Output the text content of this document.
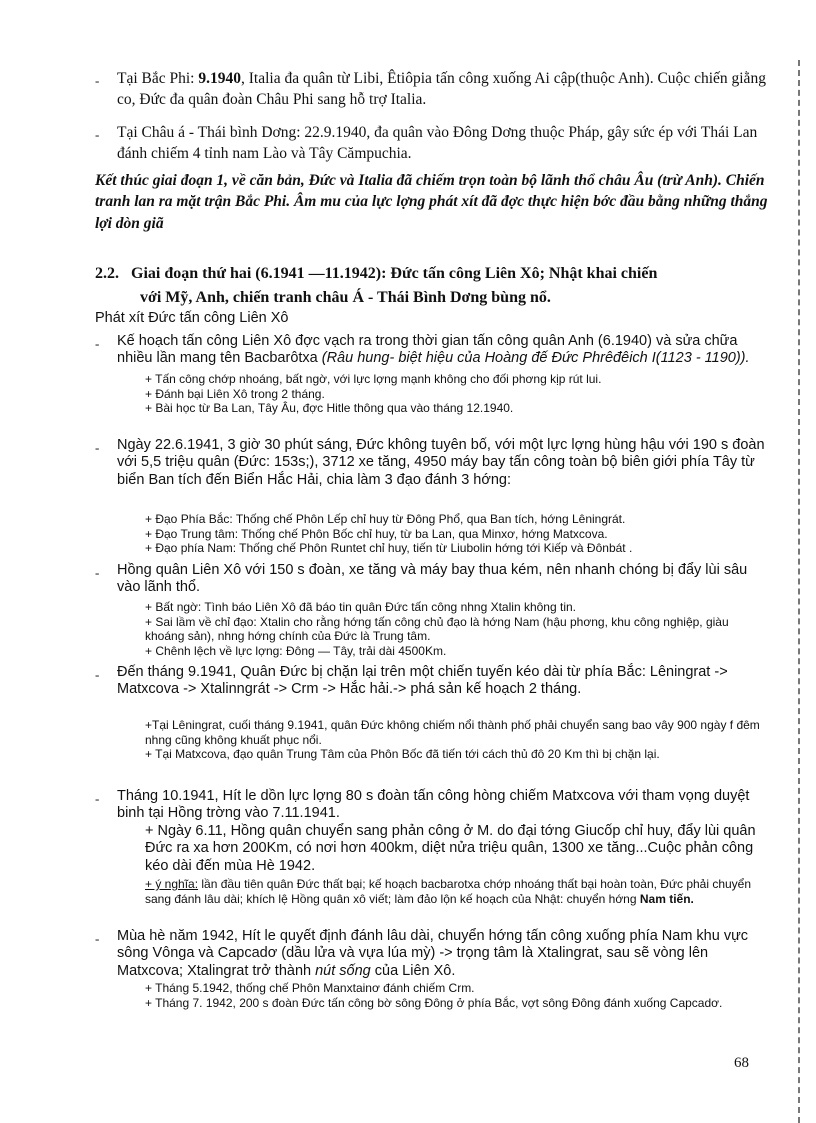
- Tại Bắc Phi: 9.1940, Italia đa quân từ Libi, Êtiôpia tấn công xuống Ai cập(thuộc Anh). Cuộc chiến giằng co, Đức đa quân đoàn Châu Phi sang hỗ trợ Italia.

- Tại Châu á - Thái bình Dơng: 22.9.1940, đa quân vào Đông Dơng thuộc Pháp, gây sức ép với Thái Lan đánh chiếm 4 tỉnh nam Lào và Tây Cămpuchia.

Kết thúc giai đoạn 1, về căn bản, Đức và Italia đã chiếm trọn toàn bộ lãnh thổ châu Âu (trừ Anh). Chiến tranh lan ra mặt trận Bắc Phi. Âm mu của lực lợng phát xít đã đợc thực hiện bớc đầu bằng những thắng lợi dòn giã

2.2. Giai đoạn thứ hai (6.1941 —11.1942): Đức tấn công Liên Xô; Nhật khai chiến
với Mỹ, Anh, chiến tranh châu Á - Thái Bình Dơng bùng nổ.

Phát xít Đức tấn công Liên Xô

- Kế hoạch tấn công Liên Xô đợc vạch ra trong thời gian tấn công quân Anh (6.1940) và sửa chữa nhiều lần mang tên Bacbarôtxa (Râu hung- biệt hiệu của Hoàng đế Đức Phrêđêich I(1123 - 1190)).

+ Tấn công chớp nhoáng, bất ngờ, với lực lợng mạnh không cho đối phơng kịp rút lui.
+ Đánh bại Liên Xô trong 2 tháng.
+ Bài học từ Ba Lan, Tây Âu, đợc Hitle thông qua vào tháng 12.1940.
- Ngày 22.6.1941, 3 giờ 30 phút sáng, Đức không tuyên bố, với một lực lợng hùng hậu với 190 s đoàn với 5,5 triệu quân (Đức: 153s;), 3712 xe tăng, 4950 máy bay tấn công toàn bộ biên giới phía Tây từ biển Ban tích đến Biển Hắc Hải, chia làm 3 đạo đánh 3 hớng:

+ Đạo Phía Bắc: Thống chế Phôn Lếp chỉ huy từ Đông Phổ, qua Ban tích, hớng Lêningrát.
+ Đạo Trung tâm: Thống chế Phôn Bốc chỉ huy, từ ba Lan, qua Minxơ, hớng Matxcova.
+ Đạo phía Nam: Thống chế Phôn Runtet chỉ huy, tiến từ Liubolin hớng tới Kiếp và Đônbát .
- Hồng quân Liên Xô với 150 s đoàn, xe tăng và máy bay thua kém, nên nhanh chóng bị đẩy lùi sâu vào lãnh thổ.

+ Bất ngờ: Tình báo Liên Xô đã báo tin quân Đức tấn công nhng Xtalin không tin.
+ Sai lầm về chỉ đạo: Xtalin cho rằng hớng tấn công chủ đạo là hớng Nam (hậu phơng, khu công nghiệp, giàu khoáng sản), nhng hớng chính của Đức là Trung tâm.
+ Chênh lệch về lực lợng: Đông — Tây, trải dài 4500Km.
- Đến tháng 9.1941, Quân Đức bị chặn lại trên một chiến tuyến kéo dài từ phía Bắc: Lêningrat -> Matxcova -> Xtalinngrát -> Crm -> Hắc hải.-> phá sản kế hoạch 2 tháng.

+Tại Lêningrat, cuối tháng 9.1941, quân Đức không chiếm nổi thành phố phải chuyển sang bao vây 900 ngày f đêm nhng cũng không khuất phục nổi.
+ Tại Matxcova, đạo quân Trung Tâm của Phôn Bốc đã tiến tới cách thủ đô 20 Km thì bị chặn lại.
- Tháng 10.1941, Hít le dồn lực lợng 80 s đoàn tấn công hòng chiếm Matxcova với tham vọng duyệt binh tại Hồng trờng vào 7.11.1941.

+ Ngày 6.11, Hồng quân chuyển sang phản công ở M. do đại tớng Giucốp chỉ huy, đẩy lùi quân Đức ra xa hơn 200Km, có nơi hơn 400km, diệt nửa triệu quân, 1300 xe tăng...Cuộc phản công kéo dài đến mùa Hè 1942.

+ ý nghĩa: lần đầu tiên quân Đức thất bại; kế hoạch bacbarotxa chớp nhoáng thất bại hoàn toàn, Đức phải chuyển sang đánh lâu dài; khích lệ Hồng quân xô viết; làm đảo lộn kế hoạch của Nhật: chuyển hớng Nam tiến.

- Mùa hè năm 1942, Hít le quyết định đánh lâu dài, chuyển hớng tấn công xuống phía Nam khu vực sông Vônga và Capcadơ (dầu lửa và vựa lúa mỳ) -> trọng tâm là Xtalingrat, sau sẽ vòng lên Matxcova; Xtalingrat trở thành nút sống của Liên Xô.

+ Tháng 5.1942, thống chế Phôn Manxtainơ đánh chiếm Crm.
+ Tháng 7. 1942, 200 s đoàn Đức tấn công bờ sông Đông ở phía Bắc, vợt sông Đông đánh xuống Capcadơ.
68
